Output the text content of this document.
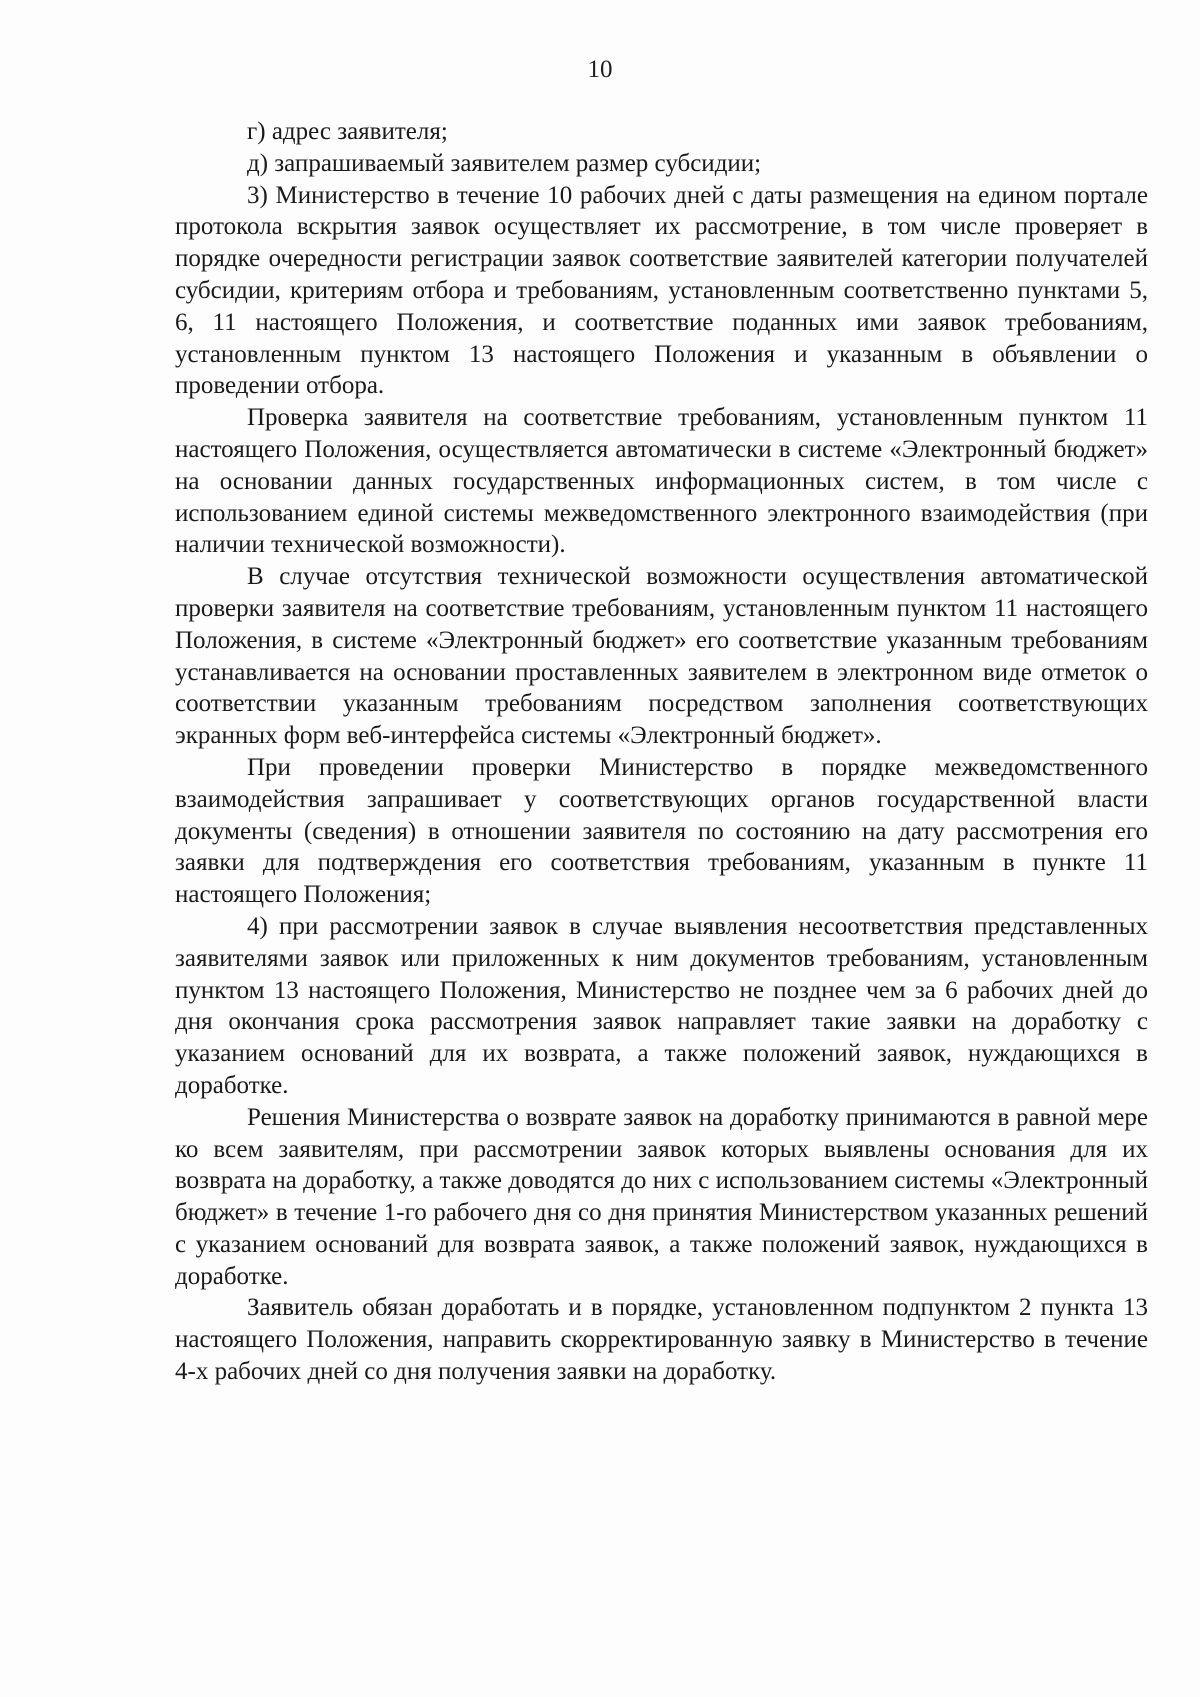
10

г) адрес заявителя;

д) запрашиваемый заявителем размер субсидии;

3) Министерство в течение 10 рабочих дней с даты размещения на едином портале протокола вскрытия заявок осуществляет их рассмотрение, в том числе проверяет в порядке очередности регистрации заявок соответствие заявителей категории получателей субсидии, критериям отбора и требованиям, установленным соответственно пунктами 5, 6, 11 настоящего Положения, и соответствие поданных ими заявок требованиям, установленным пунктом 13 настоящего Положения и указанным в объявлении о проведении отбора.

Проверка заявителя на соответствие требованиям, установленным пунктом 11 настоящего Положения, осуществляется автоматически в системе «Электронный бюджет» на основании данных государственных информационных систем, в том числе с использованием единой системы межведомственного электронного взаимодействия (при наличии технической возможности).

В случае отсутствия технической возможности осуществления автоматической проверки заявителя на соответствие требованиям, установленным пунктом 11 настоящего Положения, в системе «Электронный бюджет» его соответствие указанным требованиям устанавливается на основании проставленных заявителем в электронном виде отметок о соответствии указанным требованиям посредством заполнения соответствующих экранных форм веб-интерфейса системы «Электронный бюджет».

При проведении проверки Министерство в порядке межведомственного взаимодействия запрашивает у соответствующих органов государственной власти документы (сведения) в отношении заявителя по состоянию на дату рассмотрения его заявки для подтверждения его соответствия требованиям, указанным в пункте 11 настоящего Положения;

4) при рассмотрении заявок в случае выявления несоответствия представленных заявителями заявок или приложенных к ним документов требованиям, установленным пунктом 13 настоящего Положения, Министерство не позднее чем за 6 рабочих дней до дня окончания срока рассмотрения заявок направляет такие заявки на доработку с указанием оснований для их возврата, а также положений заявок, нуждающихся в доработке.

Решения Министерства о возврате заявок на доработку принимаются в равной мере ко всем заявителям, при рассмотрении заявок которых выявлены основания для их возврата на доработку, а также доводятся до них с использованием системы «Электронный бюджет» в течение 1-го рабочего дня со дня принятия Министерством указанных решений с указанием оснований для возврата заявок, а также положений заявок, нуждающихся в доработке.

Заявитель обязан доработать и в порядке, установленном подпунктом 2 пункта 13 настоящего Положения, направить скорректированную заявку в Министерство в течение 4-х рабочих дней со дня получения заявки на доработку.
